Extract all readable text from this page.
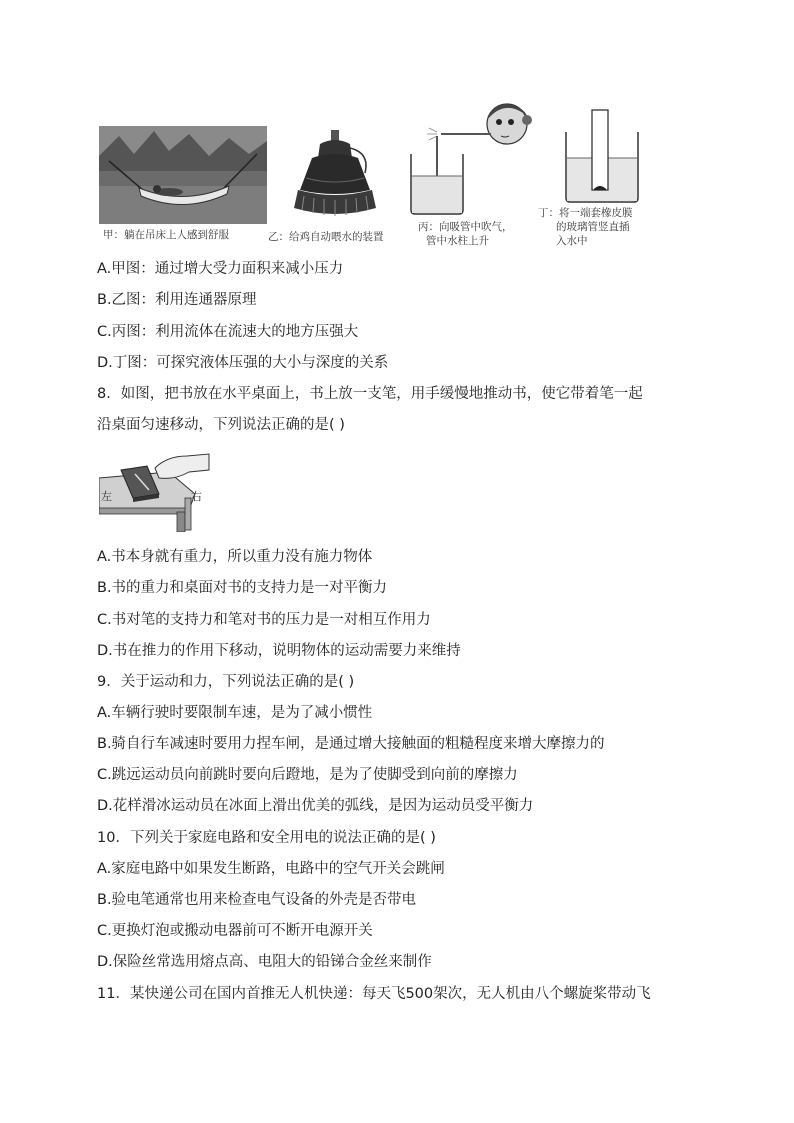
甲：躺在吊床上人感到舒服	乙：给鸡自动喂水的装置
丙：向吸管中吹气，
管中水柱上升
丁：将一端套橡皮膜
的玻璃管竖直插
入水中
A.甲图：通过增大受力面积来减小压力
B.乙图：利用连通器原理
C.丙图：利用流体在流速大的地方压强大
D.丁图：可探究液体压强的大小与深度的关系
8．如图，把书放在水平桌面上，书上放一支笔，用手缓慢地推动书，使它带着笔一起
沿桌面匀速移动，下列说法正确的是( )
左	右
A.书本身就有重力，所以重力没有施力物体
B.书的重力和桌面对书的支持力是一对平衡力
C.书对笔的支持力和笔对书的压力是一对相互作用力
D.书在推力的作用下移动，说明物体的运动需要力来维持
9．关于运动和力，下列说法正确的是( )
A.车辆行驶时要限制车速，是为了减小惯性
B.骑自行车减速时要用力捏车闸，是通过增大接触面的粗糙程度来增大摩擦力的
C.跳远运动员向前跳时要向后蹬地，是为了使脚受到向前的摩擦力
D.花样滑冰运动员在冰面上滑出优美的弧线，是因为运动员受平衡力
10．下列关于家庭电路和安全用电的说法正确的是( )
A.家庭电路中如果发生断路，电路中的空气开关会跳闸
B.验电笔通常也用来检查电气设备的外壳是否带电
C.更换灯泡或搬动电器前可不断开电源开关
D.保险丝常选用熔点高、电阻大的铅锑合金丝来制作
11．某快递公司在国内首推无人机快递：每天飞500架次，无人机由八个螺旋桨带动飞
